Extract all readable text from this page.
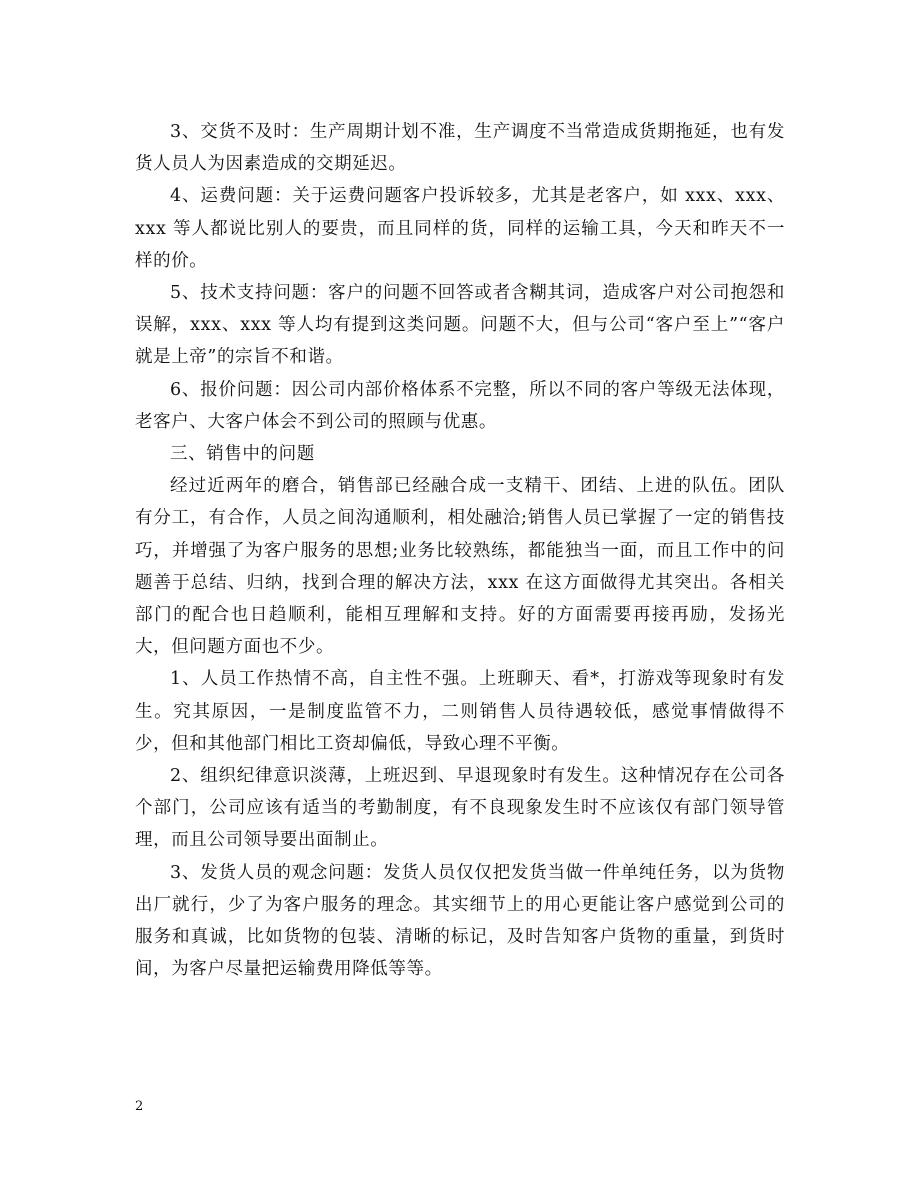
3、交货不及时：生产周期计划不准，生产调度不当常造成货期拖延，也有发货人员人为因素造成的交期延迟。

4、运费问题：关于运费问题客户投诉较多，尤其是老客户，如 xxx、xxx、xxx 等人都说比别人的要贵，而且同样的货，同样的运输工具，今天和昨天不一样的价。

5、技术支持问题：客户的问题不回答或者含糊其词，造成客户对公司抱怨和误解，xxx、xxx 等人均有提到这类问题。问题不大，但与公司“客户至上”“客户就是上帝”的宗旨不和谐。

6、报价问题：因公司内部价格体系不完整，所以不同的客户等级无法体现，老客户、大客户体会不到公司的照顾与优惠。

三、销售中的问题

经过近两年的磨合，销售部已经融合成一支精干、团结、上进的队伍。团队有分工，有合作，人员之间沟通顺利，相处融洽;销售人员已掌握了一定的销售技巧，并增强了为客户服务的思想;业务比较熟练，都能独当一面，而且工作中的问题善于总结、归纳，找到合理的解决方法，xxx 在这方面做得尤其突出。各相关部门的配合也日趋顺利，能相互理解和支持。好的方面需要再接再励，发扬光大，但问题方面也不少。

1、人员工作热情不高，自主性不强。上班聊天、看*，打游戏等现象时有发生。究其原因，一是制度监管不力，二则销售人员待遇较低，感觉事情做得不少，但和其他部门相比工资却偏低，导致心理不平衡。

2、组织纪律意识淡薄，上班迟到、早退现象时有发生。这种情况存在公司各个部门，公司应该有适当的考勤制度，有不良现象发生时不应该仅有部门领导管理，而且公司领导要出面制止。

3、发货人员的观念问题：发货人员仅仅把发货当做一件单纯任务，以为货物出厂就行，少了为客户服务的理念。其实细节上的用心更能让客户感觉到公司的服务和真诚，比如货物的包装、清晰的标记，及时告知客户货物的重量，到货时间，为客户尽量把运输费用降低等等。

2
